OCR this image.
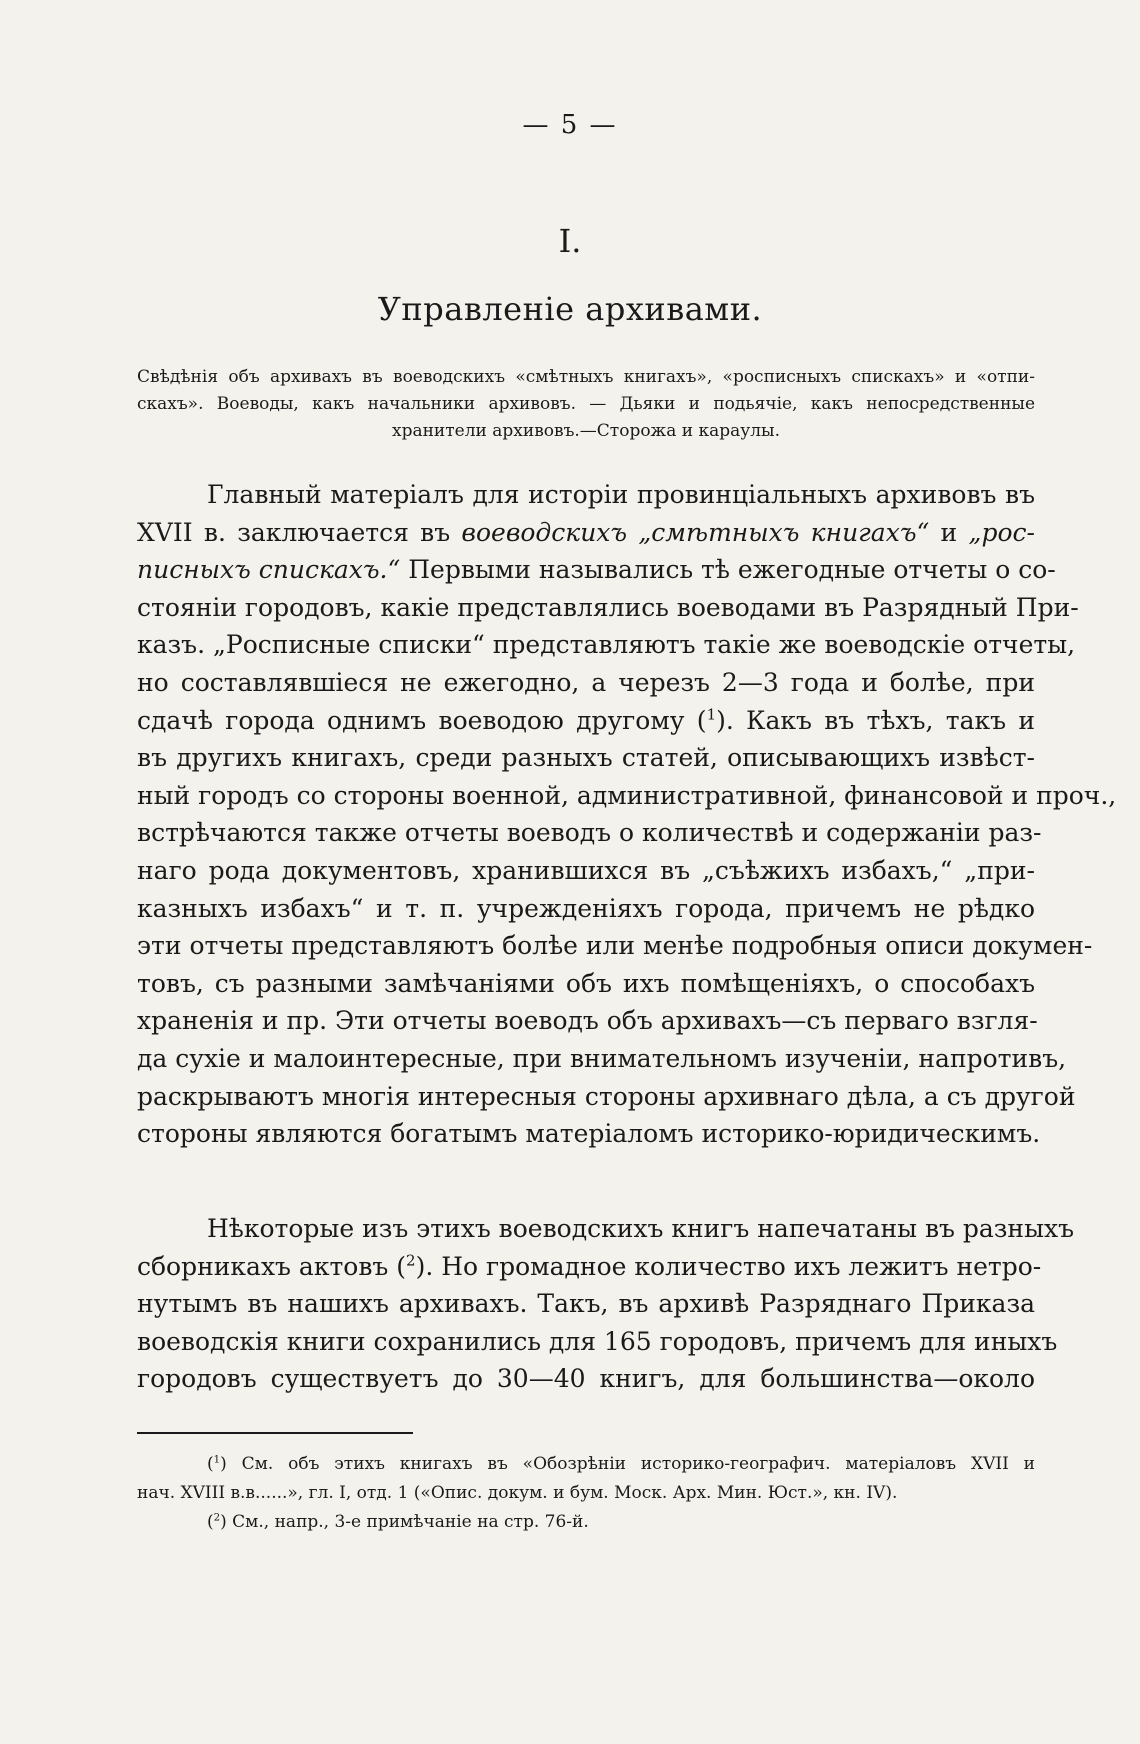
— 5 —
I.
Управленіе архивами.
Свѣдѣнія объ архивахъ въ воеводскихъ «смѣтныхъ книгахъ», «росписныхъ спискахъ» и «отпи-
скахъ». Воеводы, какъ начальники архивовъ. — Дьяки и подьячіе, какъ непосредственные
хранители архивовъ.—Сторожа и караулы.
Главный матеріалъ для исторіи провинціальныхъ архивовъ въ
XVII в. заключается въ воеводскихъ „смѣтныхъ книгахъ“ и „рос-
писныхъ спискахъ.“ Первыми назывались тѣ ежегодные отчеты о со-
стояніи городовъ, какіе представлялись воеводами въ Разрядный При-
казъ. „Росписные списки“ представляютъ такіе же воеводскіе отчеты,
но составлявшіеся не ежегодно, а черезъ 2—3 года и болѣе, при
сдачѣ города однимъ воеводою другому ($^1$). Какъ въ тѣхъ, такъ и
въ другихъ книгахъ, среди разныхъ статей, описывающихъ извѣст-
ный городъ со стороны военной, административной, финансовой и проч.,
встрѣчаются также отчеты воеводъ о количествѣ и содержаніи раз-
наго рода документовъ, хранившихся въ „съѣжихъ избахъ,“ „при-
казныхъ избахъ“ и т. п. учрежденіяхъ города, причемъ не рѣдко
эти отчеты представляютъ болѣе или менѣе подробныя описи докумен-
товъ, съ разными замѣчаніями объ ихъ помѣщеніяхъ, о способахъ
храненія и пр. Эти отчеты воеводъ объ архивахъ—съ перваго взгля-
да сухіе и малоинтересные, при внимательномъ изученіи, напротивъ,
раскрываютъ многія интересныя стороны архивнаго дѣла, а съ другой
стороны являются богатымъ матеріаломъ историко-юридическимъ.
Нѣкоторые изъ этихъ воеводскихъ книгъ напечатаны въ разныхъ
сборникахъ актовъ ($^2$). Но громадное количество ихъ лежитъ нетро-
нутымъ въ нашихъ архивахъ. Такъ, въ архивѣ Разряднаго Приказа
воеводскія книги сохранились для 165 городовъ, причемъ для иныхъ
городовъ существуетъ до 30—40 книгъ, для большинства—около
($^1$) См. объ этихъ книгахъ въ «Обозрѣніи историко-географич. матеріаловъ XVII и
нач. XVIII в.в......», гл. I, отд. 1 («Опис. докум. и бум. Моск. Арх. Мин. Юст.», кн. IV).
($^2$) См., напр., 3-е примѣчаніе на стр. 76-й.
